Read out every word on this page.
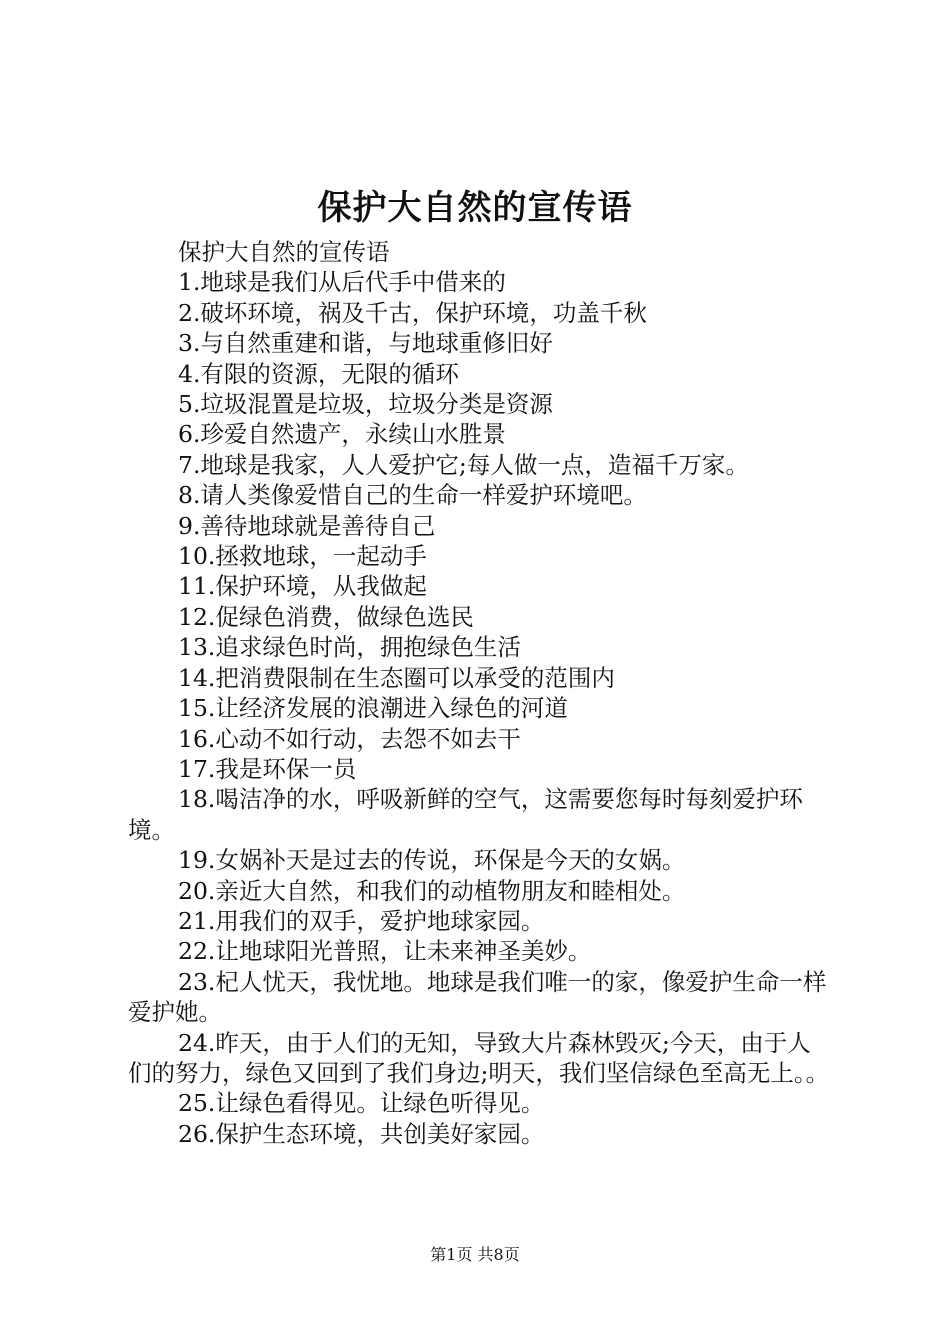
保护大自然的宣传语

保护大自然的宣传语

1.地球是我们从后代手中借来的

2.破坏环境，祸及千古，保护环境，功盖千秋

3.与自然重建和谐，与地球重修旧好

4.有限的资源，无限的循环

5.垃圾混置是垃圾，垃圾分类是资源

6.珍爱自然遗产，永续山水胜景

7.地球是我家，人人爱护它;每人做一点，造福千万家。

8.请人类像爱惜自己的生命一样爱护环境吧。

9.善待地球就是善待自己

10.拯救地球，一起动手

11.保护环境，从我做起

12.促绿色消费，做绿色选民

13.追求绿色时尚，拥抱绿色生活

14.把消费限制在生态圈可以承受的范围内

15.让经济发展的浪潮进入绿色的河道

16.心动不如行动，去怨不如去干

17.我是环保一员

18.喝洁净的水，呼吸新鲜的空气，这需要您每时每刻爱护环境。

19.女娲补天是过去的传说，环保是今天的女娲。

20.亲近大自然，和我们的动植物朋友和睦相处。

21.用我们的双手，爱护地球家园。

22.让地球阳光普照，让未来神圣美妙。

23.杞人忧天，我忧地。地球是我们唯一的家，像爱护生命一样爱护她。

24.昨天，由于人们的无知，导致大片森林毁灭;今天，由于人们的努力，绿色又回到了我们身边;明天，我们坚信绿色至高无上。。

25.让绿色看得见。让绿色听得见。

26.保护生态环境，共创美好家园。

第1页 共8页
